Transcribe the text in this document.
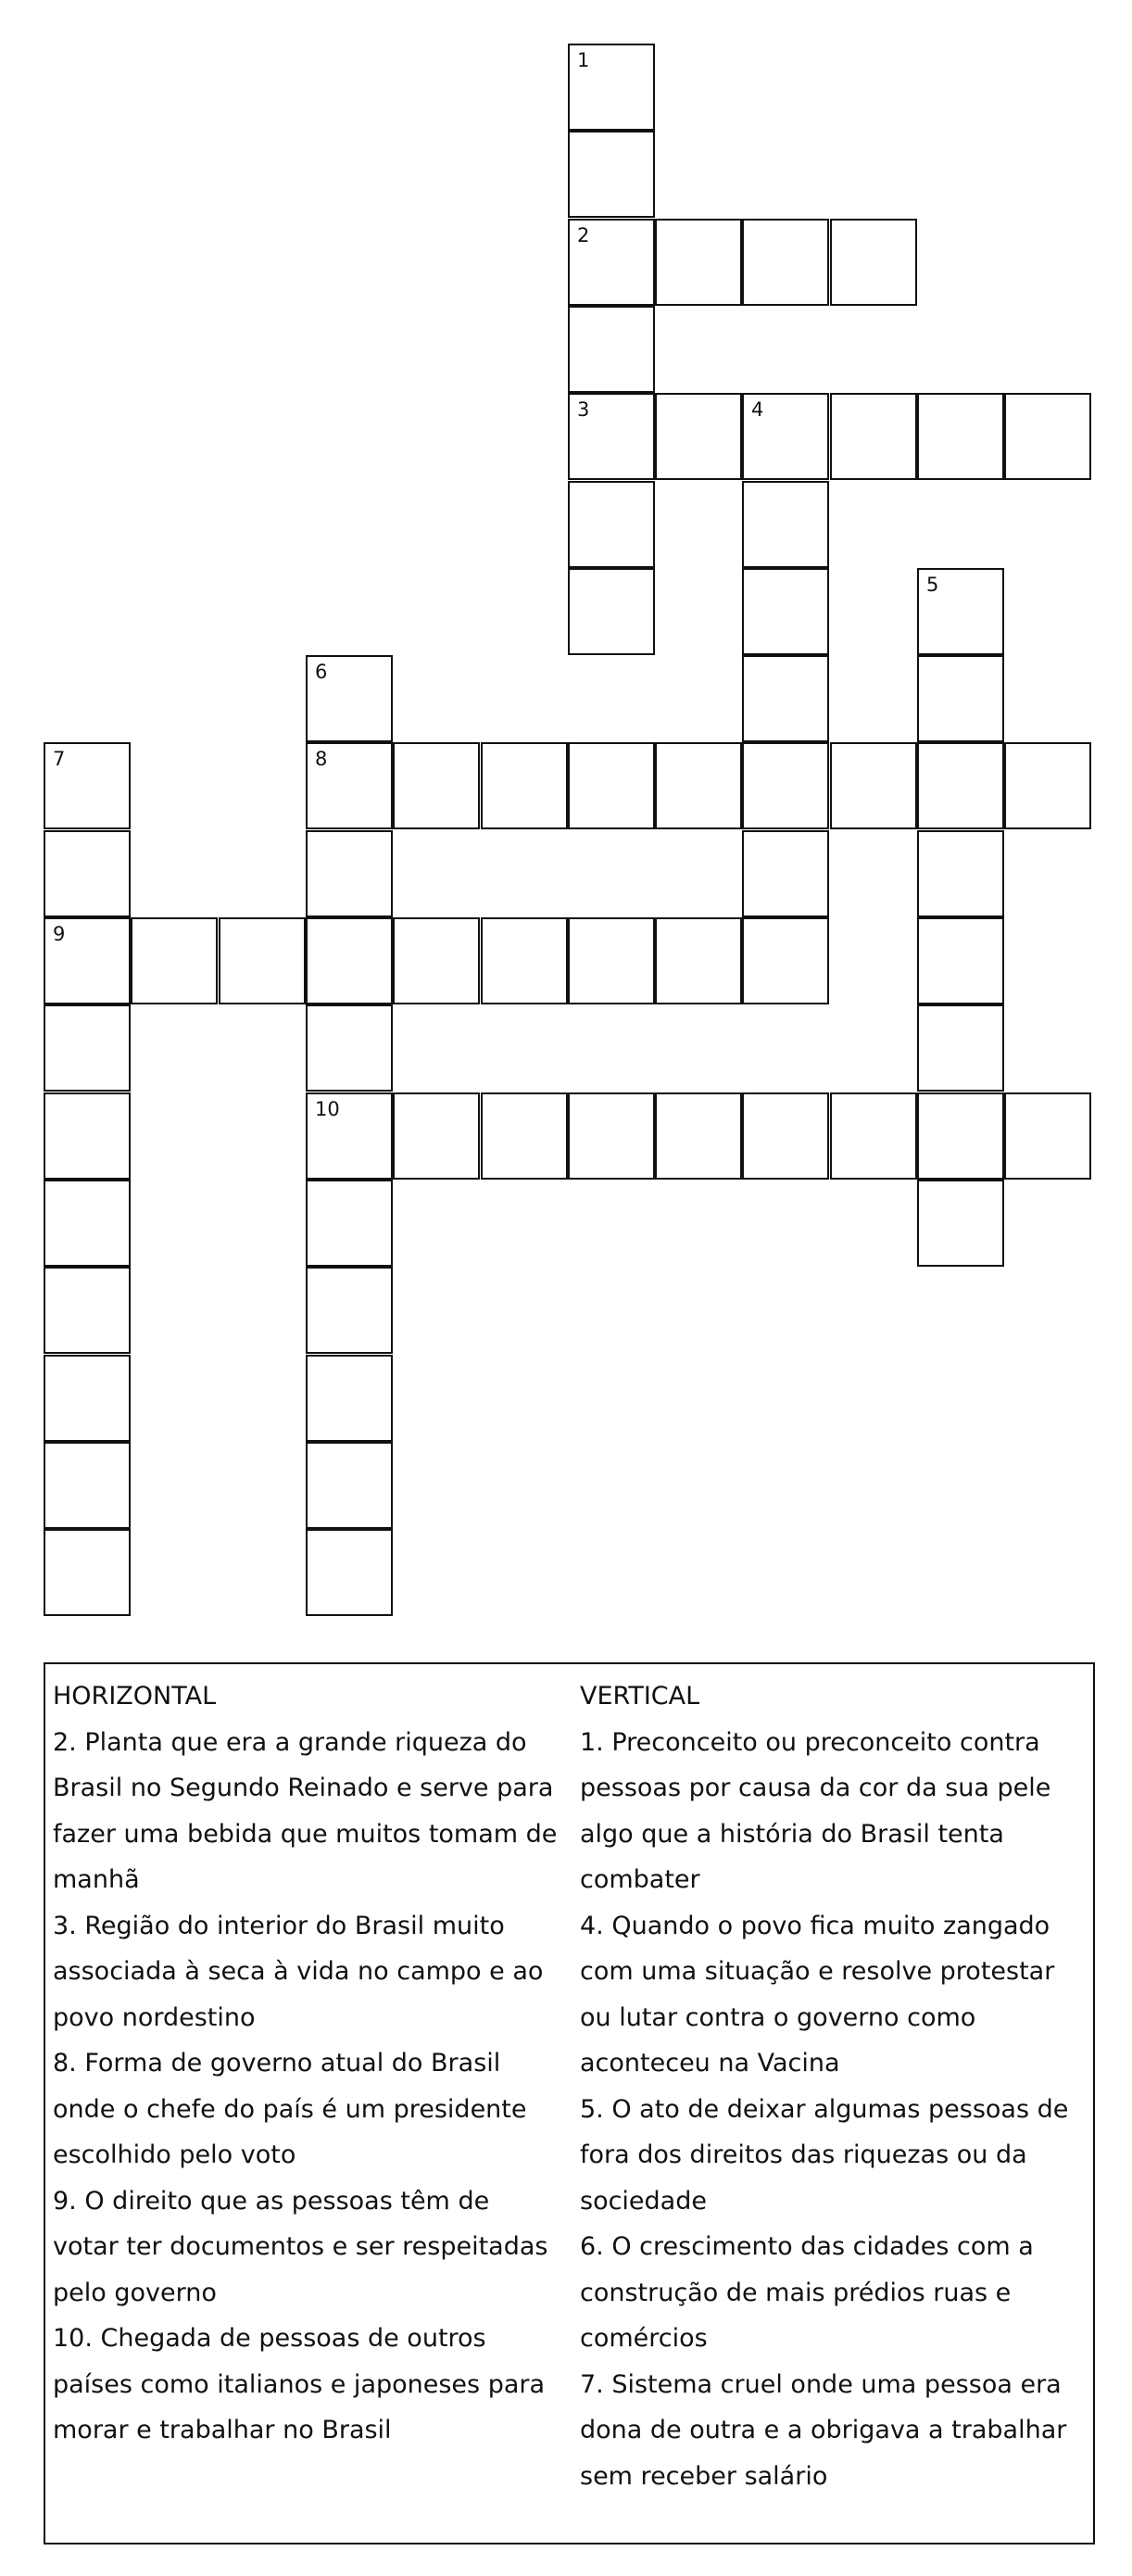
1
2
3	4
5
6
7	8
9
10

HORIZONTAL

2. Planta que era a grande riqueza do Brasil no Segundo Reinado e serve para fazer uma bebida que muitos tomam de manhã

3. Região do interior do Brasil muito associada à seca à vida no campo e ao povo nordestino

8. Forma de governo atual do Brasil onde o chefe do país é um presidente escolhido pelo voto

9. O direito que as pessoas têm de votar ter documentos e ser respeitadas pelo governo

10. Chegada de pessoas de outros países como italianos e japoneses para morar e trabalhar no Brasil

VERTICAL

1. Preconceito ou preconceito contra pessoas por causa da cor da sua pele algo que a história do Brasil tenta combater

4. Quando o povo fica muito zangado com uma situação e resolve protestar ou lutar contra o governo como aconteceu na Vacina

5. O ato de deixar algumas pessoas de fora dos direitos das riquezas ou da sociedade

6. O crescimento das cidades com a construção de mais prédios ruas e comércios

7. Sistema cruel onde uma pessoa era dona de outra e a obrigava a trabalhar sem receber salário
